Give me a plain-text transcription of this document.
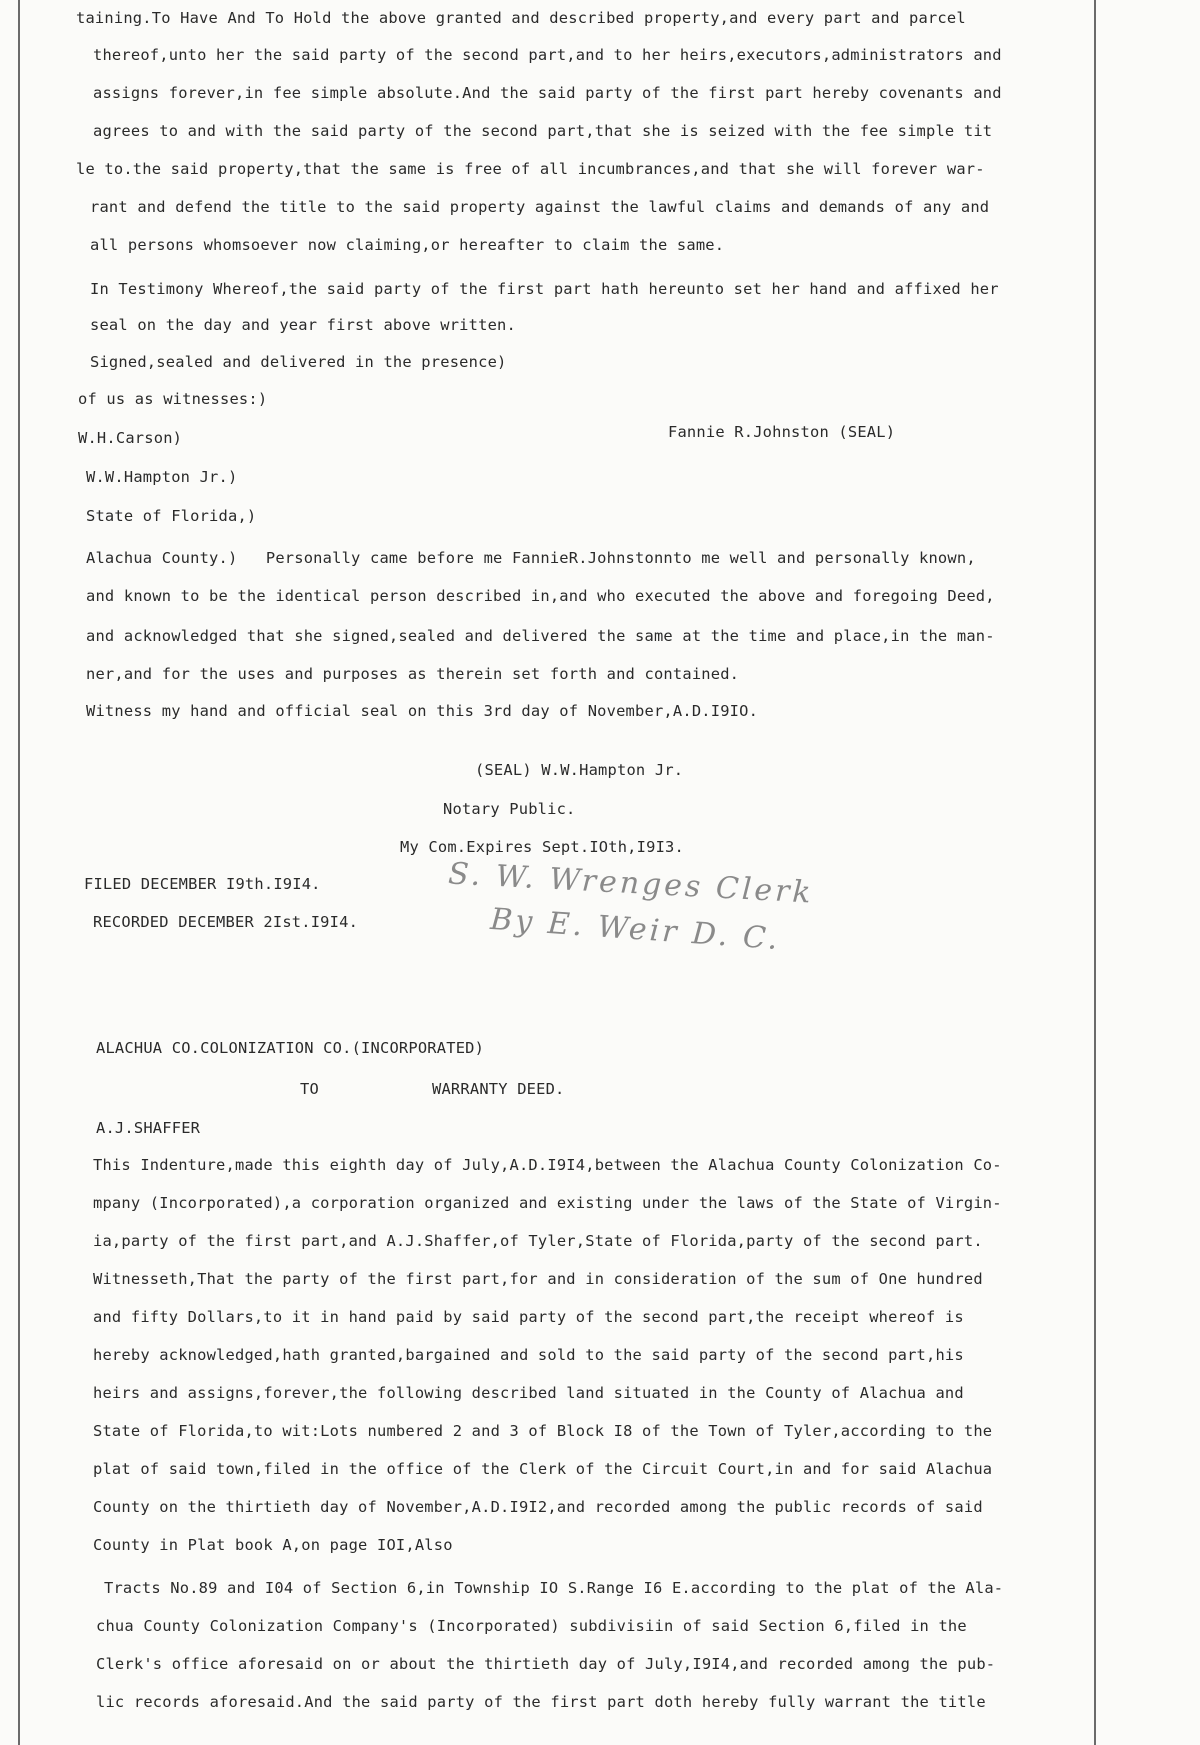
taining.To Have And To Hold the above granted and described property,and every part and parcel
thereof,unto her the said party of the second part,and to her heirs,executors,administrators and
assigns forever,in fee simple absolute.And the said party of the first part hereby covenants and
agrees to and with the said party of the second part,that she is seized with the fee simple tit
le to.the said property,that the same is free of all incumbrances,and that she will forever war-
rant and defend the title to the said property against the lawful claims and demands of any and
all persons whomsoever now claiming,or hereafter to claim the same.
In Testimony Whereof,the said party of the first part hath hereunto set her hand and affixed her
seal on the day and year first above written.
Signed,sealed and delivered in the presence)
of us as witnesses:)
W.H.Carson)	Fannie R.Johnston (SEAL)
W.W.Hampton Jr.)
State of Florida,)
Alachua County.)   Personally came before me FannieR.Johnstonnto me well and personally known,
and known to be the identical person described in,and who executed the above and foregoing Deed,
and acknowledged that she signed,sealed and delivered the same at the time and place,in the man-
ner,and for the uses and purposes as therein set forth and contained.
Witness my hand and official seal on this 3rd day of November,A.D.I9IO.
(SEAL) W.W.Hampton Jr.
Notary Public.
My Com.Expires Sept.IOth,I9I3.
FILED DECEMBER I9th.I9I4.
RECORDED DECEMBER 2Ist.I9I4.
S. W. Wrenges Clerk
By E. Weir D. C.
ALACHUA CO.COLONIZATION CO.(INCORPORATED)
TO	WARRANTY DEED.
A.J.SHAFFER
This Indenture,made this eighth day of July,A.D.I9I4,between the Alachua County Colonization Co-
mpany (Incorporated),a corporation organized and existing under the laws of the State of Virgin-
ia,party of the first part,and A.J.Shaffer,of Tyler,State of Florida,party of the second part.
Witnesseth,That the party of the first part,for and in consideration of the sum of One hundred
and fifty Dollars,to it in hand paid by said party of the second part,the receipt whereof is
hereby acknowledged,hath granted,bargained and sold to the said party of the second part,his
heirs and assigns,forever,the following described land situated in the County of Alachua and
State of Florida,to wit:Lots numbered 2 and 3 of Block I8 of the Town of Tyler,according to the
plat of said town,filed in the office of the Clerk of the Circuit Court,in and for said Alachua
County on the thirtieth day of November,A.D.I9I2,and recorded among the public records of said
County in Plat book A,on page IOI,Also
Tracts No.89 and I04 of Section 6,in Township IO S.Range I6 E.according to the plat of the Ala-
chua County Colonization Company's (Incorporated) subdivisiin of said Section 6,filed in the
Clerk's office aforesaid on or about the thirtieth day of July,I9I4,and recorded among the pub-
lic records aforesaid.And the said party of the first part doth hereby fully warrant the title
